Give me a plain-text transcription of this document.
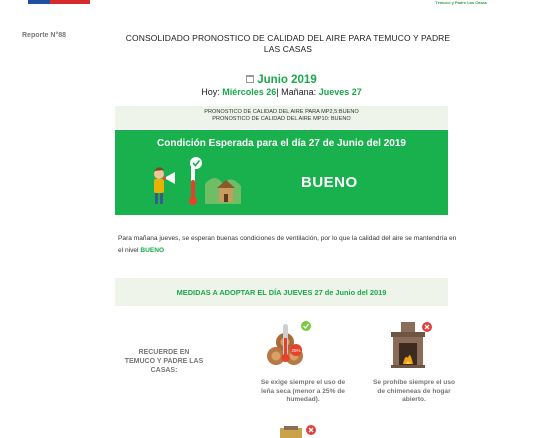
Temuco y Padre Las Casas
Reporte N°88	CONSOLIDADO PRONOSTICO DE CALIDAD DEL AIRE PARA TEMUCO Y PADRE LAS CASAS
Junio 2019
Hoy: Miércoles 26| Mañana: Jueves 27
PRONOSTICO DE CALIDAD DEL AIRE PARA MP2,5:BUENO
PRONOSTICO DE CALIDAD DEL AIRE MP10: BUENO
Condición Esperada para el día 27 de Junio del 2019
BUENO
Para mañana jueves, se esperan buenas condiciones de ventilación, por lo que la calidad del aire se mantendría en el nivel BUENO
MEDIDAS A ADOPTAR EL DÍA JUEVES 27 de Junio del 2019
RECUERDE EN TEMUCO Y PADRE LAS CASAS:
25%
Se exige siempre el uso de leña seca (menor a 25% de humedad).
Se prohíbe siempre el uso de chimeneas de hogar abierto.
